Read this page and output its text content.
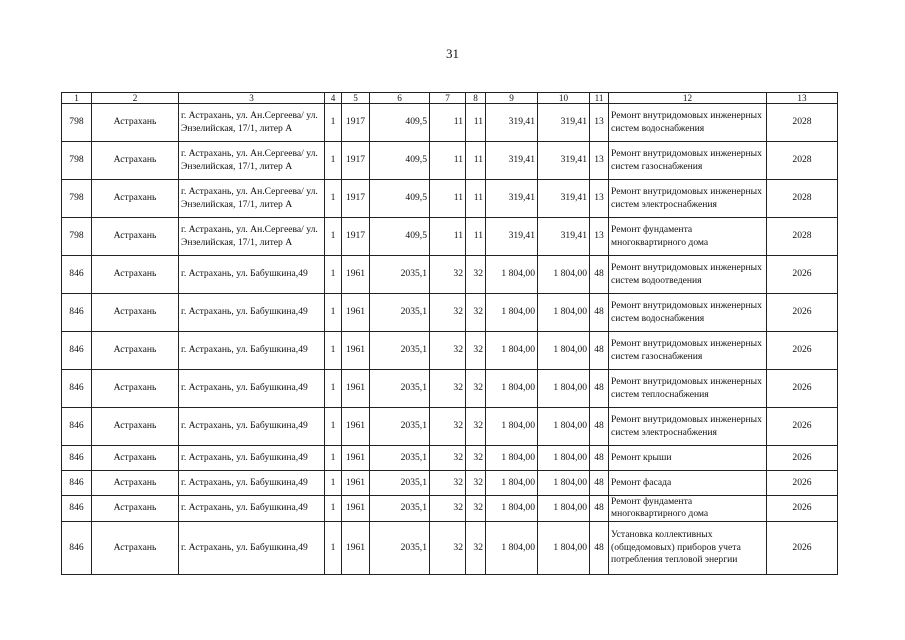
31
1	2	3	4	5	6	7	8	9	10	11	12	13
798	Астрахань	г. Астрахань, ул. Ан.Сергеева/ ул. Энзелийская, 17/1, литер А	1	1917	409,5	11	11	319,41	319,41	13	Ремонт внутридомовых инженерных систем водоснабжения	2028
798	Астрахань	г. Астрахань, ул. Ан.Сергеева/ ул. Энзелийская, 17/1, литер А	1	1917	409,5	11	11	319,41	319,41	13	Ремонт внутридомовых инженерных систем газоснабжения	2028
798	Астрахань	г. Астрахань, ул. Ан.Сергеева/ ул. Энзелийская, 17/1, литер А	1	1917	409,5	11	11	319,41	319,41	13	Ремонт внутридомовых инженерных систем электроснабжения	2028
798	Астрахань	г. Астрахань, ул. Ан.Сергеева/ ул. Энзелийская, 17/1, литер А	1	1917	409,5	11	11	319,41	319,41	13	Ремонт фундамента многоквартирного дома	2028
846	Астрахань	г. Астрахань, ул. Бабушкина,49	1	1961	2035,1	32	32	1 804,00	1 804,00	48	Ремонт внутридомовых инженерных систем водоотведения	2026
846	Астрахань	г. Астрахань, ул. Бабушкина,49	1	1961	2035,1	32	32	1 804,00	1 804,00	48	Ремонт внутридомовых инженерных систем водоснабжения	2026
846	Астрахань	г. Астрахань, ул. Бабушкина,49	1	1961	2035,1	32	32	1 804,00	1 804,00	48	Ремонт внутридомовых инженерных систем газоснабжения	2026
846	Астрахань	г. Астрахань, ул. Бабушкина,49	1	1961	2035,1	32	32	1 804,00	1 804,00	48	Ремонт внутридомовых инженерных систем теплоснабжения	2026
846	Астрахань	г. Астрахань, ул. Бабушкина,49	1	1961	2035,1	32	32	1 804,00	1 804,00	48	Ремонт внутридомовых инженерных систем электроснабжения	2026
846	Астрахань	г. Астрахань, ул. Бабушкина,49	1	1961	2035,1	32	32	1 804,00	1 804,00	48	Ремонт крыши	2026
846	Астрахань	г. Астрахань, ул. Бабушкина,49	1	1961	2035,1	32	32	1 804,00	1 804,00	48	Ремонт фасада	2026
846	Астрахань	г. Астрахань, ул. Бабушкина,49	1	1961	2035,1	32	32	1 804,00	1 804,00	48	Ремонт фундамента многоквартирного дома	2026
846	Астрахань	г. Астрахань, ул. Бабушкина,49	1	1961	2035,1	32	32	1 804,00	1 804,00	48	Установка коллективных (общедомовых) приборов учета потребления тепловой энергии	2026
